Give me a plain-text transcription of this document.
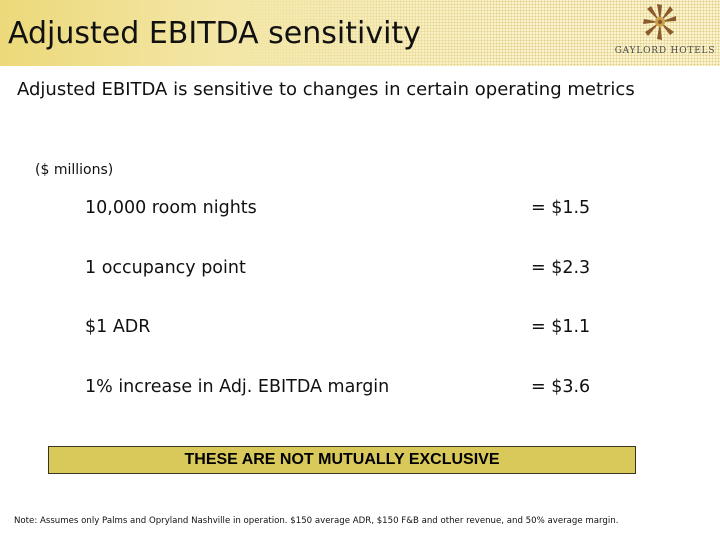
Adjusted EBITDA sensitivity	GAYLORD HOTELS
Adjusted EBITDA is sensitive to changes in certain operating metrics
($ millions)
10,000 room nights	= $1.5
1 occupancy point	= $2.3
$1 ADR	= $1.1
1% increase in Adj. EBITDA margin	= $3.6
THESE ARE NOT MUTUALLY EXCLUSIVE
Note: Assumes only Palms and Opryland Nashville in operation. $150 average ADR, $150 F&B and other revenue, and 50% average margin.
